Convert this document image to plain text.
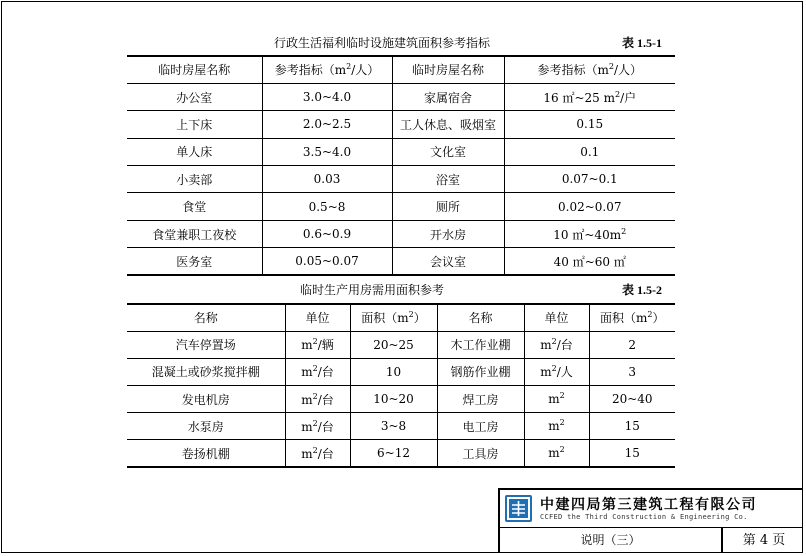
行政生活福利临时设施建筑面积参考指标	表 1.5-1
临时房屋名称	参考指标（$m^2/$人）	临时房屋名称	参考指标（$m^2/$人）
办公室	3.0~4.0	家属宿舍	16 ㎡~25 $m^2/$户
上下床	2.0~2.5	工人休息、吸烟室	0.15
单人床	3.5~4.0	文化室	0.1
小卖部	0.03	浴室	0.07~0.1
食堂	0.5~8	厕所	0.02~0.07
食堂兼职工夜校	0.6~0.9	开水房	10 $㎡\sim 40m^2$
医务室	0.05~0.07	会议室	40 ㎡~60 ㎡
临时生产用房需用面积参考	表 1.5-2
名称	单位	面积$(m^2)$	名称	单位	面积$(m^2)$
汽车停置场	$m^2/$辆	20~25	木工作业棚	$m^2/$台	2
混凝土或砂浆搅拌棚	$m^2/$台	10	钢筋作业棚	$m^2/$人	3
发电机房	$m^2/$台	10~20	焊工房	$m^2$	20~40
水泵房	$m^2/$台	3~8	电工房	$m^2$	15
卷扬机棚	$m^2/$台	6~12	工具房	$m^2$	15
中建四局第三建筑工程有限公司
CCFED the Third Construction & Engineering Co.
说明（三）	第 4 页
